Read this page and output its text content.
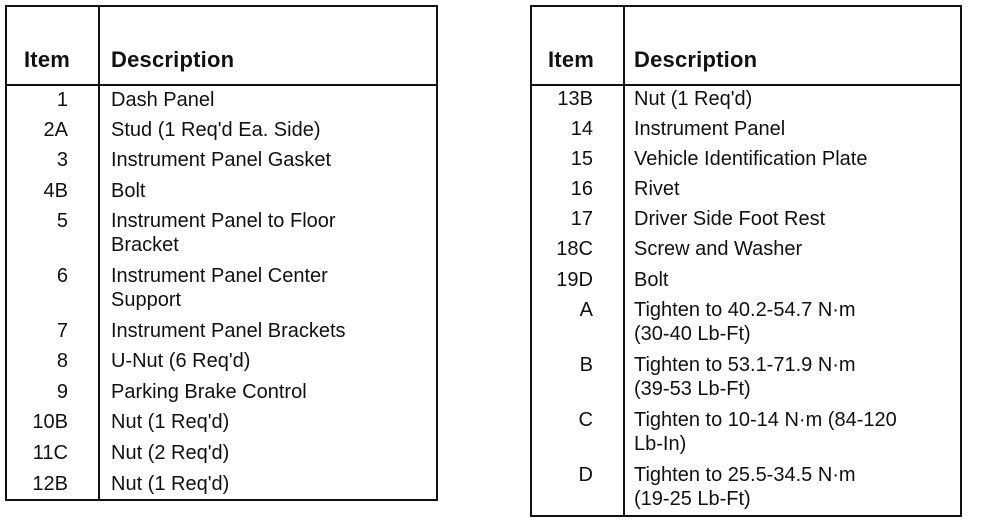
Item Description
1 Dash Panel
2A Stud (1 Req'd Ea. Side)
3 Instrument Panel Gasket
4B Bolt
5 Instrument Panel to Floor
Bracket
6 Instrument Panel Center
Support
7 Instrument Panel Brackets
8 U-Nut (6 Req'd)
9 Parking Brake Control
10B Nut (1 Req'd)
11C Nut (2 Req'd)
12B Nut (1 Req'd)
Item Description
13B Nut (1 Req'd)
14 Instrument Panel
15 Vehicle Identification Plate
16 Rivet
17 Driver Side Foot Rest
18C Screw and Washer
19D Bolt
A Tighten to 40.2-54.7 N·m
(30-40 Lb-Ft)
B Tighten to 53.1-71.9 N·m
(39-53 Lb-Ft)
C Tighten to 10-14 N·m (84-120
Lb-In)
D Tighten to 25.5-34.5 N·m
(19-25 Lb-Ft)
